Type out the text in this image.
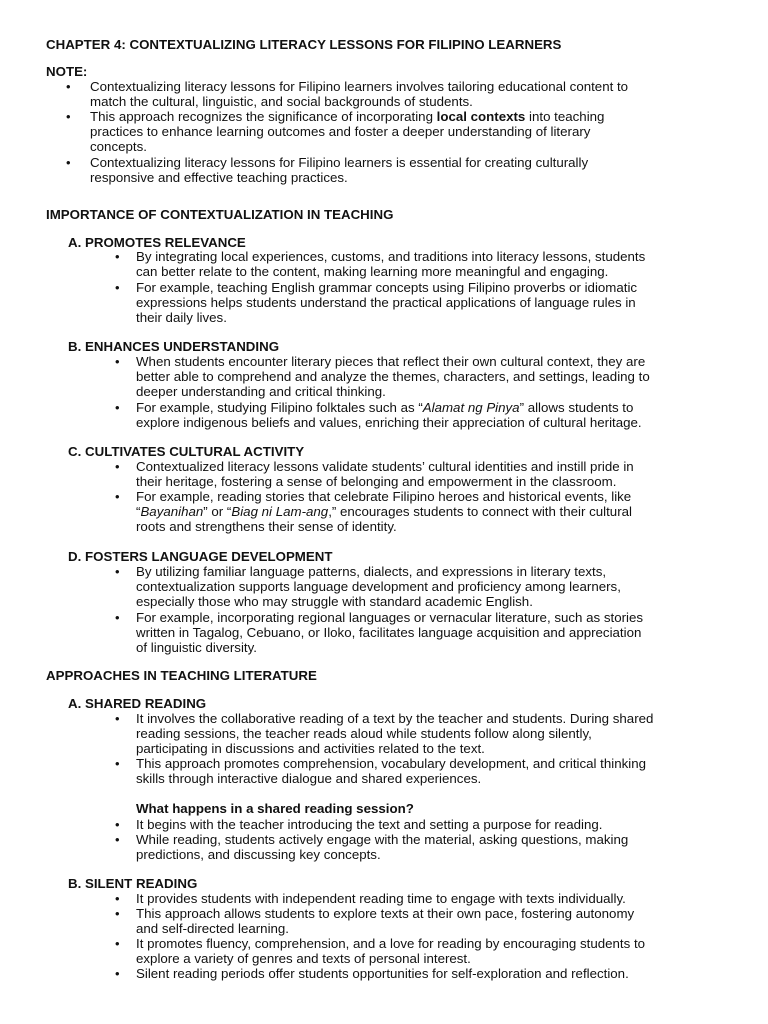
CHAPTER 4: CONTEXTUALIZING LITERACY LESSONS FOR FILIPINO LEARNERS
NOTE:
• Contextualizing literacy lessons for Filipino learners involves tailoring educational content to
match the cultural, linguistic, and social backgrounds of students.
• This approach recognizes the significance of incorporating local contexts into teaching
practices to enhance learning outcomes and foster a deeper understanding of literary
concepts.
• Contextualizing literacy lessons for Filipino learners is essential for creating culturally
responsive and effective teaching practices.
IMPORTANCE OF CONTEXTUALIZATION IN TEACHING
A. PROMOTES RELEVANCE
• By integrating local experiences, customs, and traditions into literacy lessons, students
can better relate to the content, making learning more meaningful and engaging.
• For example, teaching English grammar concepts using Filipino proverbs or idiomatic
expressions helps students understand the practical applications of language rules in
their daily lives.
B. ENHANCES UNDERSTANDING
• When students encounter literary pieces that reflect their own cultural context, they are
better able to comprehend and analyze the themes, characters, and settings, leading to
deeper understanding and critical thinking.
• For example, studying Filipino folktales such as “Alamat ng Pinya” allows students to
explore indigenous beliefs and values, enriching their appreciation of cultural heritage.
C. CULTIVATES CULTURAL ACTIVITY
• Contextualized literacy lessons validate students’ cultural identities and instill pride in
their heritage, fostering a sense of belonging and empowerment in the classroom.
• For example, reading stories that celebrate Filipino heroes and historical events, like
“Bayanihan” or “Biag ni Lam-ang,” encourages students to connect with their cultural
roots and strengthens their sense of identity.
D. FOSTERS LANGUAGE DEVELOPMENT
• By utilizing familiar language patterns, dialects, and expressions in literary texts,
contextualization supports language development and proficiency among learners,
especially those who may struggle with standard academic English.
• For example, incorporating regional languages or vernacular literature, such as stories
written in Tagalog, Cebuano, or Iloko, facilitates language acquisition and appreciation
of linguistic diversity.
APPROACHES IN TEACHING LITERATURE
A. SHARED READING
• It involves the collaborative reading of a text by the teacher and students. During shared
reading sessions, the teacher reads aloud while students follow along silently,
participating in discussions and activities related to the text.
• This approach promotes comprehension, vocabulary development, and critical thinking
skills through interactive dialogue and shared experiences.
What happens in a shared reading session?
• It begins with the teacher introducing the text and setting a purpose for reading.
• While reading, students actively engage with the material, asking questions, making
predictions, and discussing key concepts.
B. SILENT READING
• It provides students with independent reading time to engage with texts individually.
• This approach allows students to explore texts at their own pace, fostering autonomy
and self-directed learning.
• It promotes fluency, comprehension, and a love for reading by encouraging students to
explore a variety of genres and texts of personal interest.
• Silent reading periods offer students opportunities for self-exploration and reflection.
